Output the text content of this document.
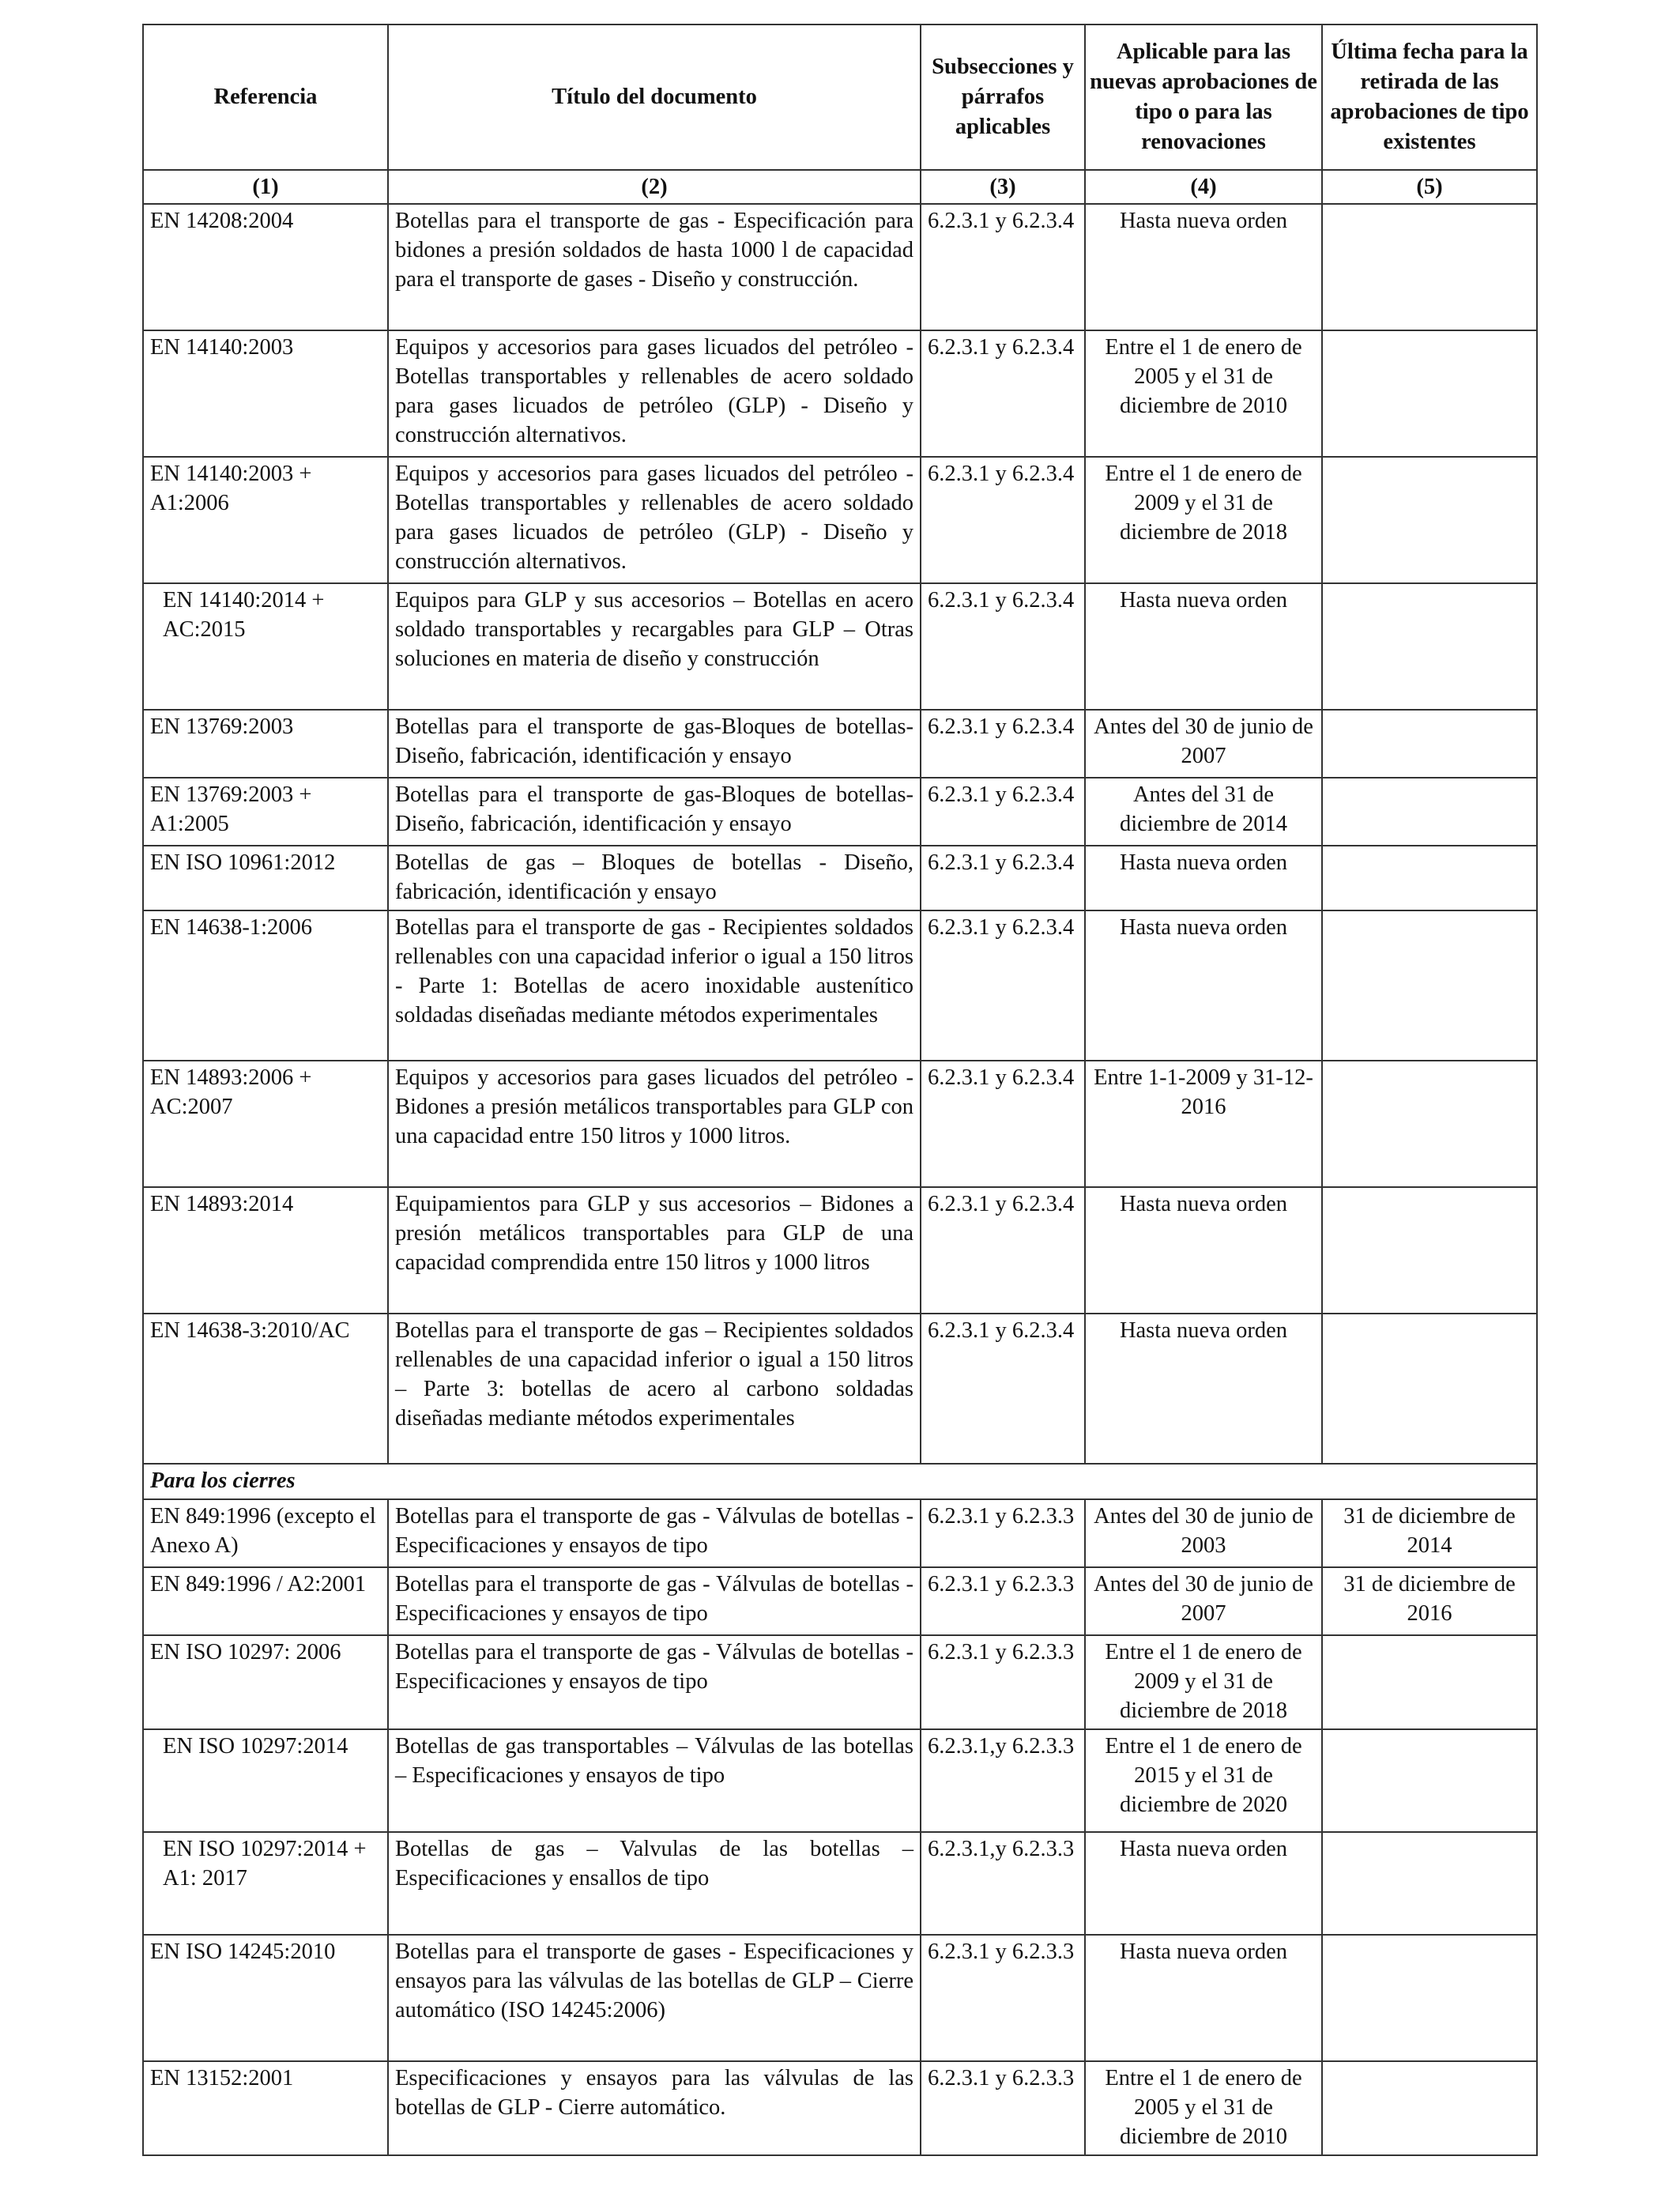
Referencia	Título del documento	Subsecciones y párrafos aplicables	Aplicable para las nuevas aprobaciones de tipo o para las renovaciones	Última fecha para la retirada de las aprobaciones de tipo existentes
(1)	(2)	(3)	(4)	(5)
EN 14208:2004	Botellas para el transporte de gas - Especificación para bidones a presión soldados de hasta 1000 l de capacidad para el transporte de gases - Diseño y construcción.	6.2.3.1 y 6.2.3.4	Hasta nueva orden	
EN 14140:2003	Equipos y accesorios para gases licuados del petróleo - Botellas transportables y rellenables de acero soldado para gases licuados de petróleo (GLP) - Diseño y construcción alternativos.	6.2.3.1 y 6.2.3.4	Entre el 1 de enero de 2005 y el 31 de diciembre de 2010	
EN 14140:2003 + A1:2006	Equipos y accesorios para gases licuados del petróleo - Botellas transportables y rellenables de acero soldado para gases licuados de petróleo (GLP) - Diseño y construcción alternativos.	6.2.3.1 y 6.2.3.4	Entre el 1 de enero de 2009 y el 31 de diciembre de 2018	
EN 14140:2014 + AC:2015	Equipos para GLP y sus accesorios – Botellas en acero soldado transportables y recargables para GLP – Otras soluciones en materia de diseño y construcción	6.2.3.1 y 6.2.3.4	Hasta nueva orden	
EN 13769:2003	Botellas para el transporte de gas-Bloques de botellas-Diseño, fabricación, identificación y ensayo	6.2.3.1 y 6.2.3.4	Antes del 30 de junio de 2007	
EN 13769:2003 + A1:2005	Botellas para el transporte de gas-Bloques de botellas-Diseño, fabricación, identificación y ensayo	6.2.3.1 y 6.2.3.4	Antes del 31 de diciembre de 2014	
EN ISO 10961:2012	Botellas de gas – Bloques de botellas - Diseño, fabricación, identificación y ensayo	6.2.3.1 y 6.2.3.4	Hasta nueva orden	
EN 14638-1:2006	Botellas para el transporte de gas - Recipientes soldados rellenables con una capacidad inferior o igual a 150 litros - Parte 1: Botellas de acero inoxidable austenítico soldadas diseñadas mediante métodos experimentales	6.2.3.1 y 6.2.3.4	Hasta nueva orden	
EN 14893:2006 + AC:2007	Equipos y accesorios para gases licuados del petróleo - Bidones a presión metálicos transportables para GLP con una capacidad entre 150 litros y 1000 litros.	6.2.3.1 y 6.2.3.4	Entre 1-1-2009 y 31-12-2016	
EN 14893:2014	Equipamientos para GLP y sus accesorios – Bidones a presión metálicos transportables para GLP de una capacidad comprendida entre 150 litros y 1000 litros	6.2.3.1 y 6.2.3.4	Hasta nueva orden	
EN 14638-3:2010/AC	Botellas para el transporte de gas – Recipientes soldados rellenables de una capacidad inferior o igual a 150 litros – Parte 3: botellas de acero al carbono soldadas diseñadas mediante métodos experimentales	6.2.3.1 y 6.2.3.4	Hasta nueva orden	
Para los cierres				
EN 849:1996 (excepto el Anexo A)	Botellas para el transporte de gas - Válvulas de botellas - Especificaciones y ensayos de tipo	6.2.3.1 y 6.2.3.3	Antes del 30 de junio de 2003	31 de diciembre de 2014
EN 849:1996 / A2:2001	Botellas para el transporte de gas - Válvulas de botellas - Especificaciones y ensayos de tipo	6.2.3.1 y 6.2.3.3	Antes del 30 de junio de 2007	31 de diciembre de 2016
EN ISO 10297: 2006	Botellas para el transporte de gas - Válvulas de botellas - Especificaciones y ensayos de tipo	6.2.3.1 y 6.2.3.3	Entre el 1 de enero de 2009 y el 31 de diciembre de 2018	
EN ISO 10297:2014	Botellas de gas transportables – Válvulas de las botellas – Especificaciones y ensayos de tipo	6.2.3.1,y 6.2.3.3	Entre el 1 de enero de 2015 y el 31 de diciembre de 2020	
EN ISO 10297:2014 + A1: 2017	Botellas de gas – Valvulas de las botellas – Especificaciones y ensallos de tipo	6.2.3.1,y 6.2.3.3	Hasta nueva orden	
EN ISO 14245:2010	Botellas para el transporte de gases - Especificaciones y ensayos para las válvulas de las botellas de GLP – Cierre automático (ISO 14245:2006)	6.2.3.1 y 6.2.3.3	Hasta nueva orden	
EN 13152:2001	Especificaciones y ensayos para las válvulas de las botellas de GLP - Cierre automático.	6.2.3.1 y 6.2.3.3	Entre el 1 de enero de 2005 y el 31 de diciembre de 2010	
